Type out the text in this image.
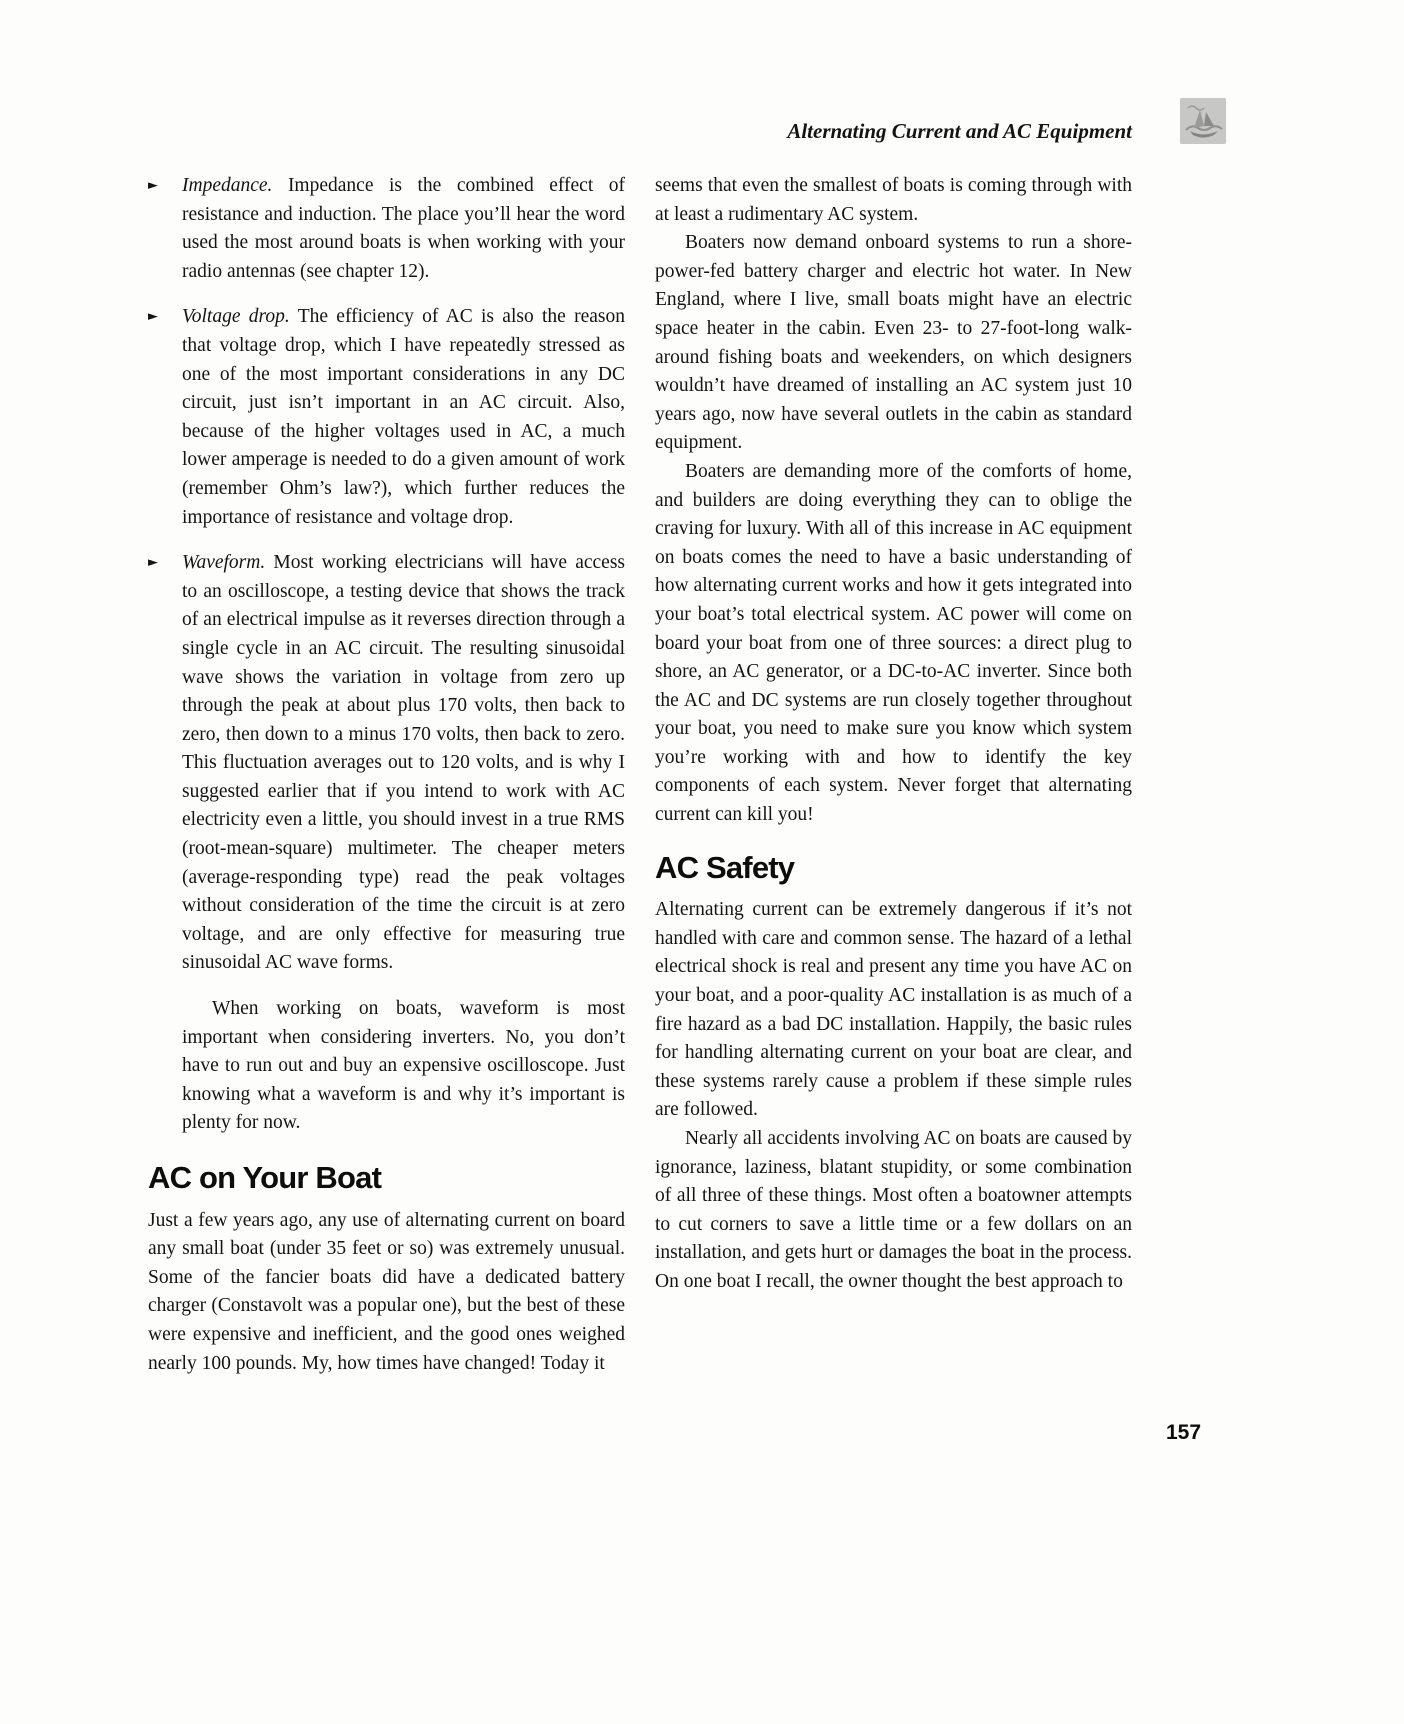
Alternating Current and AC Equipment
►	Impedance. Impedance is the combined effect of resistance and induction. The place you’ll hear the word used the most around boats is when working with your radio antennas (see chapter 12).
►	Voltage drop. The efficiency of AC is also the reason that voltage drop, which I have repeatedly stressed as one of the most important considerations in any DC circuit, just isn’t important in an AC circuit. Also, because of the higher voltages used in AC, a much lower amperage is needed to do a given amount of work (remember Ohm’s law?), which further reduces the importance of resistance and voltage drop.
►	Waveform. Most working electricians will have access to an oscilloscope, a testing device that shows the track of an electrical impulse as it reverses direction through a single cycle in an AC circuit. The resulting sinusoidal wave shows the variation in voltage from zero up through the peak at about plus 170 volts, then back to zero, then down to a minus 170 volts, then back to zero. This fluctuation averages out to 120 volts, and is why I suggested earlier that if you intend to work with AC electricity even a little, you should invest in a true RMS (root-mean-square) multimeter. The cheaper meters (average-responding type) read the peak voltages without consideration of the time the circuit is at zero voltage, and are only effective for measuring true sinusoidal AC wave forms.

When working on boats, waveform is most important when considering inverters. No, you don’t have to run out and buy an expensive oscilloscope. Just knowing what a waveform is and why it’s important is plenty for now.

AC on Your Boat

Just a few years ago, any use of alternating current on board any small boat (under 35 feet or so) was extremely unusual. Some of the fancier boats did have a dedicated battery charger (Constavolt was a popular one), but the best of these were expensive and inefficient, and the good ones weighed nearly 100 pounds. My, how times have changed! Today it

seems that even the smallest of boats is coming through with at least a rudimentary AC system.

Boaters now demand onboard systems to run a shore-power-fed battery charger and electric hot water. In New England, where I live, small boats might have an electric space heater in the cabin. Even 23- to 27-foot-long walk-around fishing boats and weekenders, on which designers wouldn’t have dreamed of installing an AC system just 10 years ago, now have several outlets in the cabin as standard equipment.

Boaters are demanding more of the comforts of home, and builders are doing everything they can to oblige the craving for luxury. With all of this increase in AC equipment on boats comes the need to have a basic understanding of how alternating current works and how it gets integrated into your boat’s total electrical system. AC power will come on board your boat from one of three sources: a direct plug to shore, an AC generator, or a DC-to-AC inverter. Since both the AC and DC systems are run closely together throughout your boat, you need to make sure you know which system you’re working with and how to identify the key components of each system. Never forget that alternating current can kill you!

AC Safety

Alternating current can be extremely dangerous if it’s not handled with care and common sense. The hazard of a lethal electrical shock is real and present any time you have AC on your boat, and a poor-quality AC installation is as much of a fire hazard as a bad DC installation. Happily, the basic rules for handling alternating current on your boat are clear, and these systems rarely cause a problem if these simple rules are followed.

Nearly all accidents involving AC on boats are caused by ignorance, laziness, blatant stupidity, or some combination of all three of these things. Most often a boatowner attempts to cut corners to save a little time or a few dollars on an installation, and gets hurt or damages the boat in the process. On one boat I recall, the owner thought the best approach to

157
